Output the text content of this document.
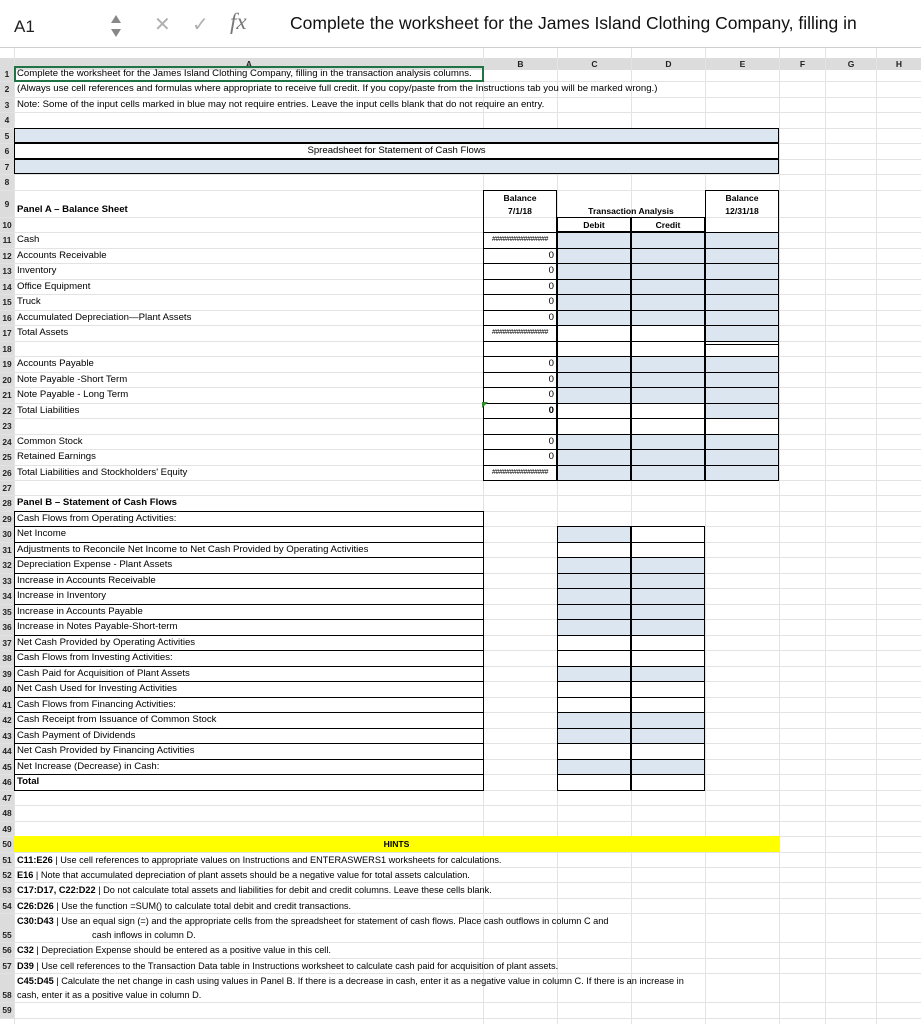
A1	✕ ✓ fx Complete the worksheet for the James Island Clothing Company, filling in
A	B	C	D	E	F	G	H
1
2
3
4
5
6
7
8
9
10
11
12
13
14
15
16
17
18
19
20
21
22
23
24
25
26
27
28
29
30
31
32
33
34
35
36
37
38
39
40
41
42
43
44
45
46
47
48
49
50
51
52
53
54
55
56
57
58
59
Complete the worksheet for the James Island Clothing Company, filling in the transaction analysis columns.
(Always use cell references and formulas where appropriate to receive full credit. If you copy/paste from the Instructions tab you will be marked wrong.)
Note: Some of the input cells marked in blue may not require entries. Leave the input cells blank that do not require an entry.
Spreadsheet for Statement of Cash Flows
Panel A – Balance Sheet
Balance
7/1/18	Transaction Analysis
Debit	Credit
Balance
12/31/18
Cash	################
Accounts Receivable	0
Inventory	0
Office Equipment	0
Truck	0
Accumulated Depreciation—Plant Assets	0
Total Assets	################
Accounts Payable	0
Note Payable -Short Term	0
Note Payable - Long Term	0
Total Liabilities	0
Common Stock	0
Retained Earnings	0
Total Liabilities and Stockholders' Equity	################
Panel B – Statement of Cash Flows
Cash Flows from Operating Activities:
Net Income
Adjustments to Reconcile Net Income to Net Cash Provided by Operating Activities
Depreciation Expense - Plant Assets
Increase in Accounts Receivable
Increase in Inventory
Increase in Accounts Payable
Increase in Notes Payable-Short-term
Net Cash Provided by Operating Activities
Cash Flows from Investing Activities:
Cash Paid for Acquisition of Plant Assets
Net Cash Used for Investing Activities
Cash Flows from Financing Activities:
Cash Receipt from Issuance of Common Stock
Cash Payment of Dividends
Net Cash Provided by Financing Activities
Net Increase (Decrease) in Cash:
Total
HINTS
C11:E26 | Use cell references to appropriate values on Instructions and ENTERASWERS1 worksheets for calculations.
E16 | Note that accumulated depreciation of plant assets should be a negative value for total assets calculation.
C17:D17, C22:D22 | Do not calculate total assets and liabilities for debit and credit columns. Leave these cells blank.
C26:D26 | Use the function =SUM() to calculate total debit and credit transactions.
C30:D43 | Use an equal sign (=) and the appropriate cells from the spreadsheet for statement of cash flows. Place cash outflows in column C and
cash inflows in column D.
C32 | Depreciation Expense should be entered as a positive value in this cell.
D39 | Use cell references to the Transaction Data table in Instructions worksheet to calculate cash paid for acquisition of plant assets.
C45:D45 | Calculate the net change in cash using values in Panel B. If there is a decrease in cash, enter it as a negative value in column C. If there is an increase in
cash, enter it as a positive value in column D.
